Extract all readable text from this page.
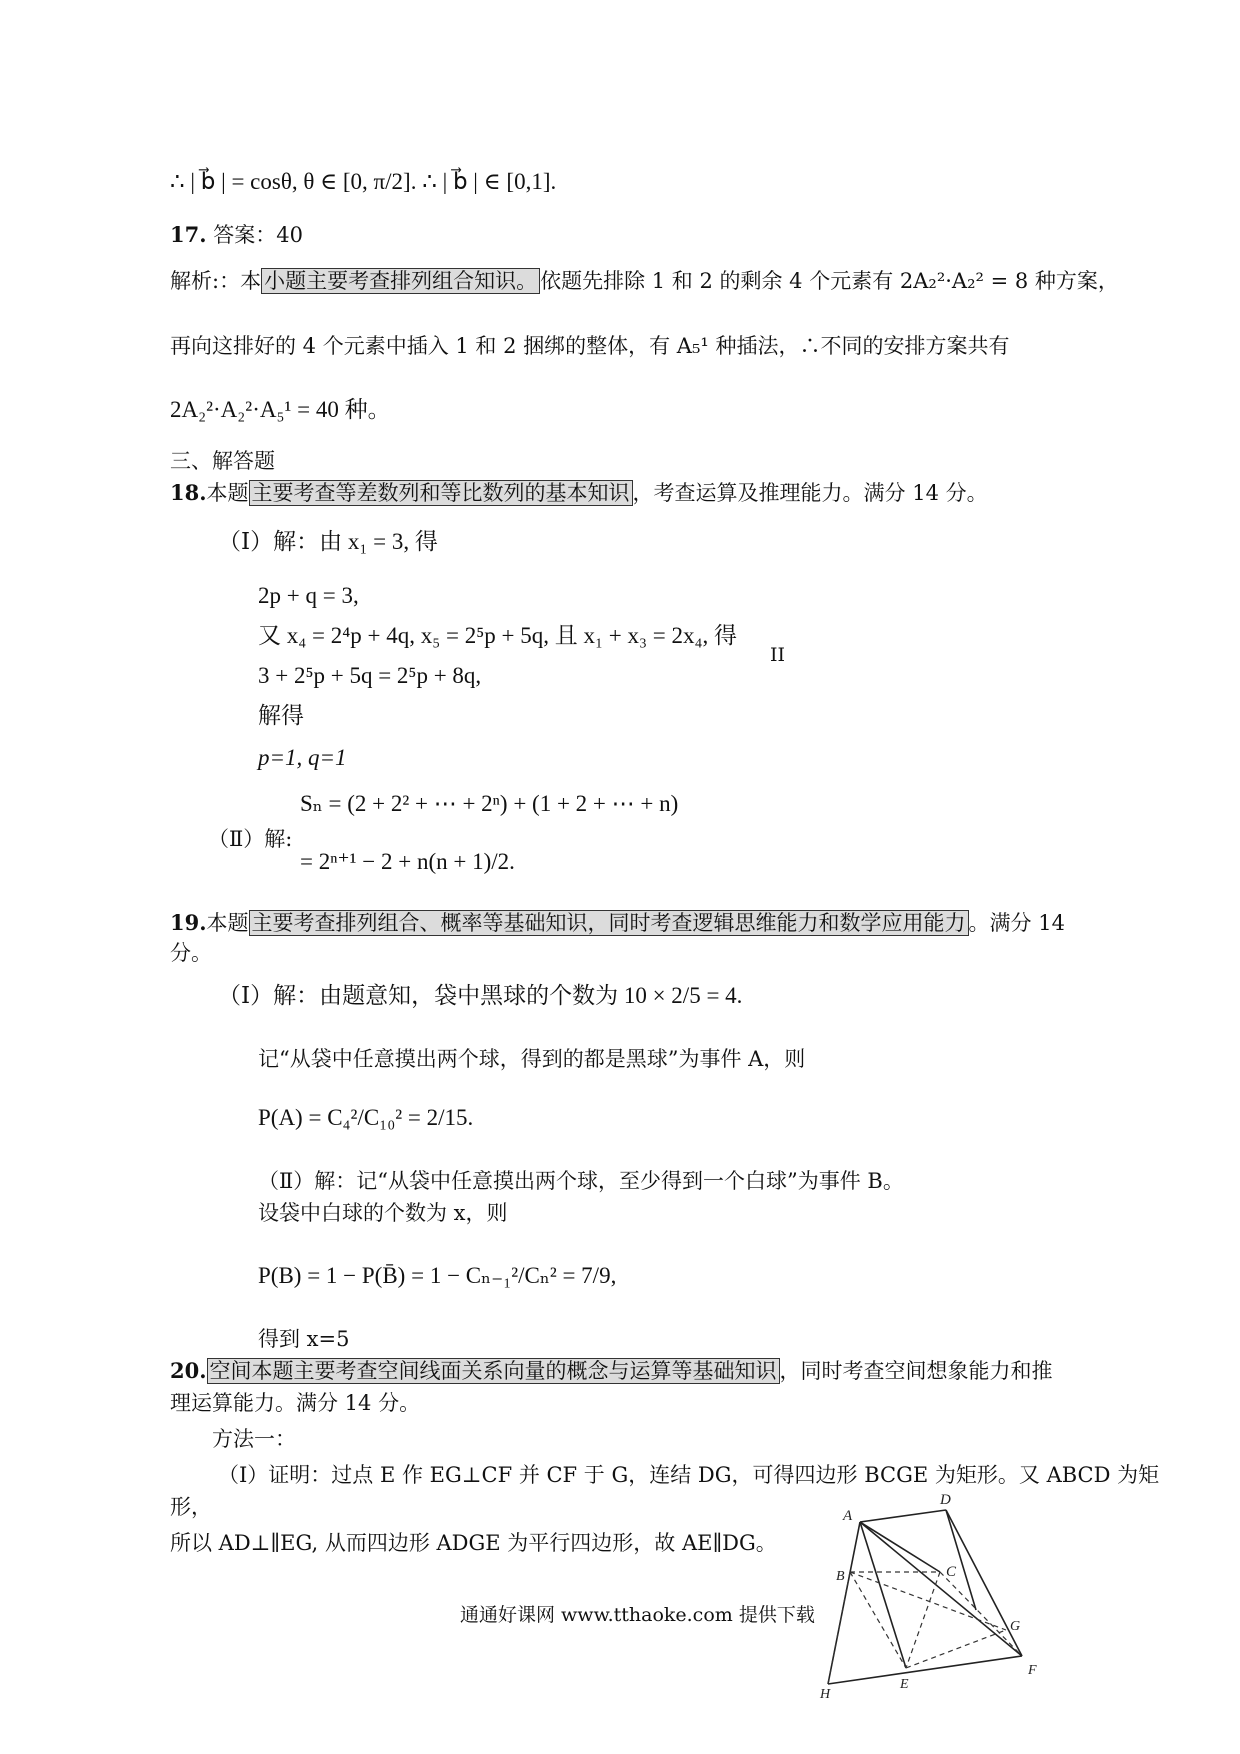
∴ | b⃗ | = cosθ, θ ∈ [0, π/2]. ∴ | b⃗ | ∈ [0,1].
17. 答案：40
解析:：本 小题主要考查排列组合知识。 依题先排除 1 和 2 的剩余 4 个元素有 2A₂²·A₂² = 8 种方案，
再向这排好的 4 个元素中插入 1 和 2 捆绑的整体，有 A₅¹ 种插法，∴不同的安排方案共有
2A₂²·A₂²·A₅¹ = 40 种。
三、解答题
18.本题 主要考查等差数列和等比数列的基本知识 ，考查运算及推理能力。满分 14 分。
（Ⅰ）解：由 x₁ = 3, 得
2p + q = 3,
又 x₄ = 2⁴p + 4q, x₅ = 2⁵p + 5q, 且 x₁ + x₃ = 2x₄, 得
II
3 + 2⁵p + 5q = 2⁵p + 8q,
解得
p=1, q=1
Sₙ = (2 + 2² + ⋯ + 2ⁿ) + (1 + 2 + ⋯ + n)
（Ⅱ）解:
= 2ⁿ⁺¹ − 2 + n(n + 1)/2.
19.本题 主要考查排列组合、概率等基础知识，同时考查逻辑思维能力和数学应用能力 。满分 14
分。
（Ⅰ）解：由题意知，袋中黑球的个数为 10 × 2/5 = 4.
记“从袋中任意摸出两个球，得到的都是黑球”为事件 A，则
P(A) = C₄²/C₁₀² = 2/15.
（Ⅱ）解：记“从袋中任意摸出两个球，至少得到一个白球”为事件 B。
设袋中白球的个数为 x，则
P(B) = 1 − P(B̄) = 1 − Cₙ₋₁²/Cₙ² = 7/9,
得到 x=5
20. 空间本题主要考查空间线面关系向量的概念与运算等基础知识 ，同时考查空间想象能力和推
理运算能力。满分 14 分。
方法一：
（Ⅰ）证明：过点 E 作 EG⊥CF 并 CF 于 G，连结 DG，可得四边形 BCGE 为矩形。又 ABCD 为矩
形，
所以 AD⊥∥EG, 从而四边形 ADGE 为平行四边形，故 AE∥DG。
A
B	C
D
E
F
G
H
通通好课网 www.tthaoke.com 提供下载
